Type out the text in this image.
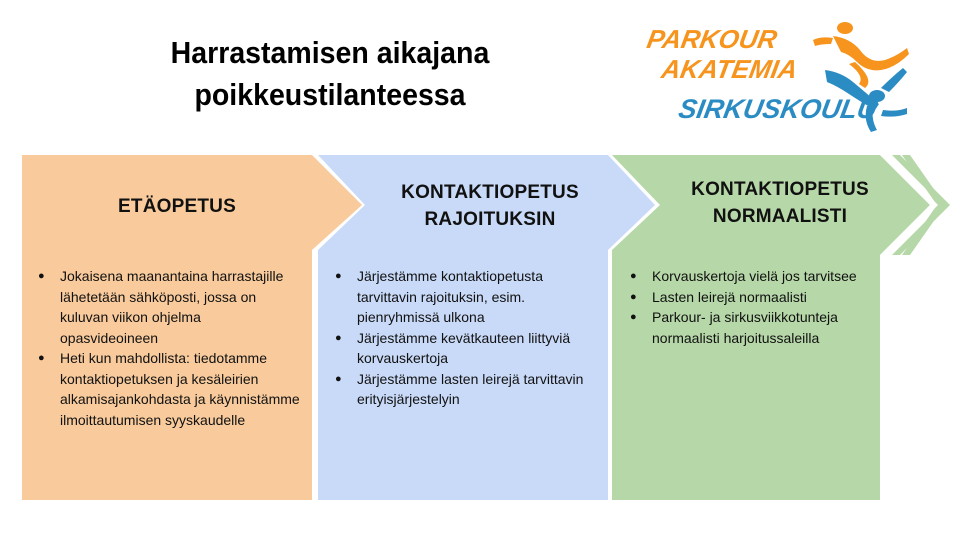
Harrastamisen aikajana
poikkeustilanteessa
PARKOUR
AKATEMIA
SIRKUSKOULU
ETÄOPETUS
● Jokaisena maanantaina harrastajille lähetetään sähköposti, jossa on kuluvan viikon ohjelma opasvideoineen
● Heti kun mahdollista: tiedotamme kontaktiopetuksen ja kesäleirien alkamisajankohdasta ja käynnistämme ilmoittautumisen syyskaudelle
KONTAKTIOPETUS
RAJOITUKSIN
● Järjestämme kontaktiopetusta tarvittavin rajoituksin, esim. pienryhmissä ulkona
● Järjestämme kevätkauteen liittyviä korvauskertoja
● Järjestämme lasten leirejä tarvittavin erityisjärjestelyin
KONTAKTIOPETUS
NORMAALISTI
● Korvauskertoja vielä jos tarvitsee
● Lasten leirejä normaalisti
● Parkour- ja sirkusviikkotunteja normaalisti harjoitussaleilla
